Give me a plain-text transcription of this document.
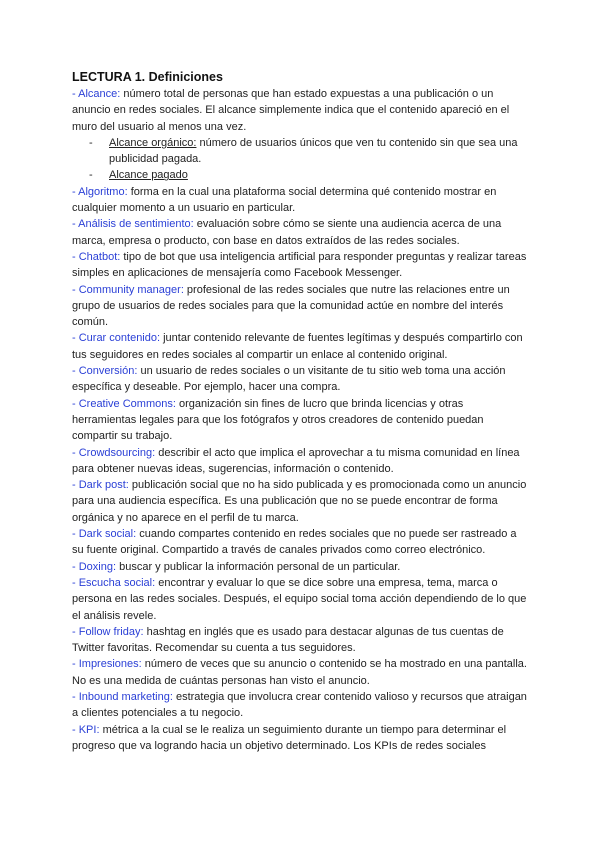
LECTURA 1. Definiciones

- Alcance: número total de personas que han estado expuestas a una publicación o un anuncio en redes sociales. El alcance simplemente indica que el contenido apareció en el muro del usuario al menos una vez.

- Alcance orgánico: número de usuarios únicos que ven tu contenido sin que sea una publicidad pagada.

- Alcance pagado

- Algoritmo: forma en la cual una plataforma social determina qué contenido mostrar en cualquier momento a un usuario en particular.

- Análisis de sentimiento: evaluación sobre cómo se siente una audiencia acerca de una marca, empresa o producto, con base en datos extraídos de las redes sociales.

- Chatbot: tipo de bot que usa inteligencia artificial para responder preguntas y realizar tareas simples en aplicaciones de mensajería como Facebook Messenger.

- Community manager: profesional de las redes sociales que nutre las relaciones entre un grupo de usuarios de redes sociales para que la comunidad actúe en nombre del interés común.

- Curar contenido: juntar contenido relevante de fuentes legítimas y después compartirlo con tus seguidores en redes sociales al compartir un enlace al contenido original.

- Conversión: un usuario de redes sociales o un visitante de tu sitio web toma una acción específica y deseable. Por ejemplo, hacer una compra.

- Creative Commons: organización sin fines de lucro que brinda licencias y otras herramientas legales para que los fotógrafos y otros creadores de contenido puedan compartir su trabajo.

- Crowdsourcing: describir el acto que implica el aprovechar a tu misma comunidad en línea para obtener nuevas ideas, sugerencias, información o contenido.

- Dark post: publicación social que no ha sido publicada y es promocionada como un anuncio para una audiencia específica. Es una publicación que no se puede encontrar de forma orgánica y no aparece en el perfil de tu marca.

- Dark social: cuando compartes contenido en redes sociales que no puede ser rastreado a su fuente original. Compartido a través de canales privados como correo electrónico.

- Doxing: buscar y publicar la información personal de un particular.

- Escucha social: encontrar y evaluar lo que se dice sobre una empresa, tema, marca o persona en las redes sociales. Después, el equipo social toma acción dependiendo de lo que el análisis revele.

- Follow friday: hashtag en inglés que es usado para destacar algunas de tus cuentas de Twitter favoritas. Recomendar su cuenta a tus seguidores.

- Impresiones: número de veces que su anuncio o contenido se ha mostrado en una pantalla. No es una medida de cuántas personas han visto el anuncio.

- Inbound marketing: estrategia que involucra crear contenido valioso y recursos que atraigan a clientes potenciales a tu negocio.

- KPI: métrica a la cual se le realiza un seguimiento durante un tiempo para determinar el progreso que va logrando hacia un objetivo determinado. Los KPIs de redes sociales
